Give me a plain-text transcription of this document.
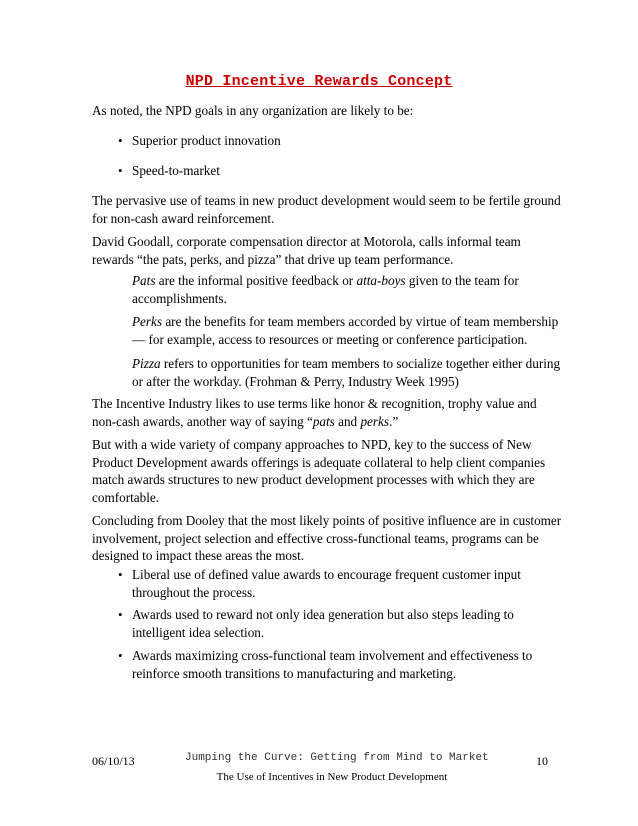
NPD Incentive Rewards Concept

As noted, the NPD goals in any organization are likely to be:

• Superior product innovation

• Speed-to-market

The pervasive use of teams in new product development would seem to be fertile ground for non-cash award reinforcement.

David Goodall, corporate compensation director at Motorola, calls informal team rewards “the pats, perks, and pizza” that drive up team performance.

Pats are the informal positive feedback or atta-boys given to the team for accomplishments.

Perks are the benefits for team members accorded by virtue of team membership — for example, access to resources or meeting or conference participation.

Pizza refers to opportunities for team members to socialize together either during or after the workday. (Frohman & Perry, Industry Week 1995)

The Incentive Industry likes to use terms like honor & recognition, trophy value and non-cash awards, another way of saying “pats and perks.”

But with a wide variety of company approaches to NPD, key to the success of New Product Development awards offerings is adequate collateral to help client companies match awards structures to new product development processes with which they are comfortable.

Concluding from Dooley that the most likely points of positive influence are in customer involvement, project selection and effective cross-functional teams, programs can be designed to impact these areas the most.

• Liberal use of defined value awards to encourage frequent customer input throughout the process.

• Awards used to reward not only idea generation but also steps leading to intelligent idea selection.

• Awards maximizing cross-functional team involvement and effectiveness to reinforce smooth transitions to manufacturing and marketing.

06/10/13	Jumping the Curve: Getting from Mind to Market	10
The Use of Incentives in New Product Development
